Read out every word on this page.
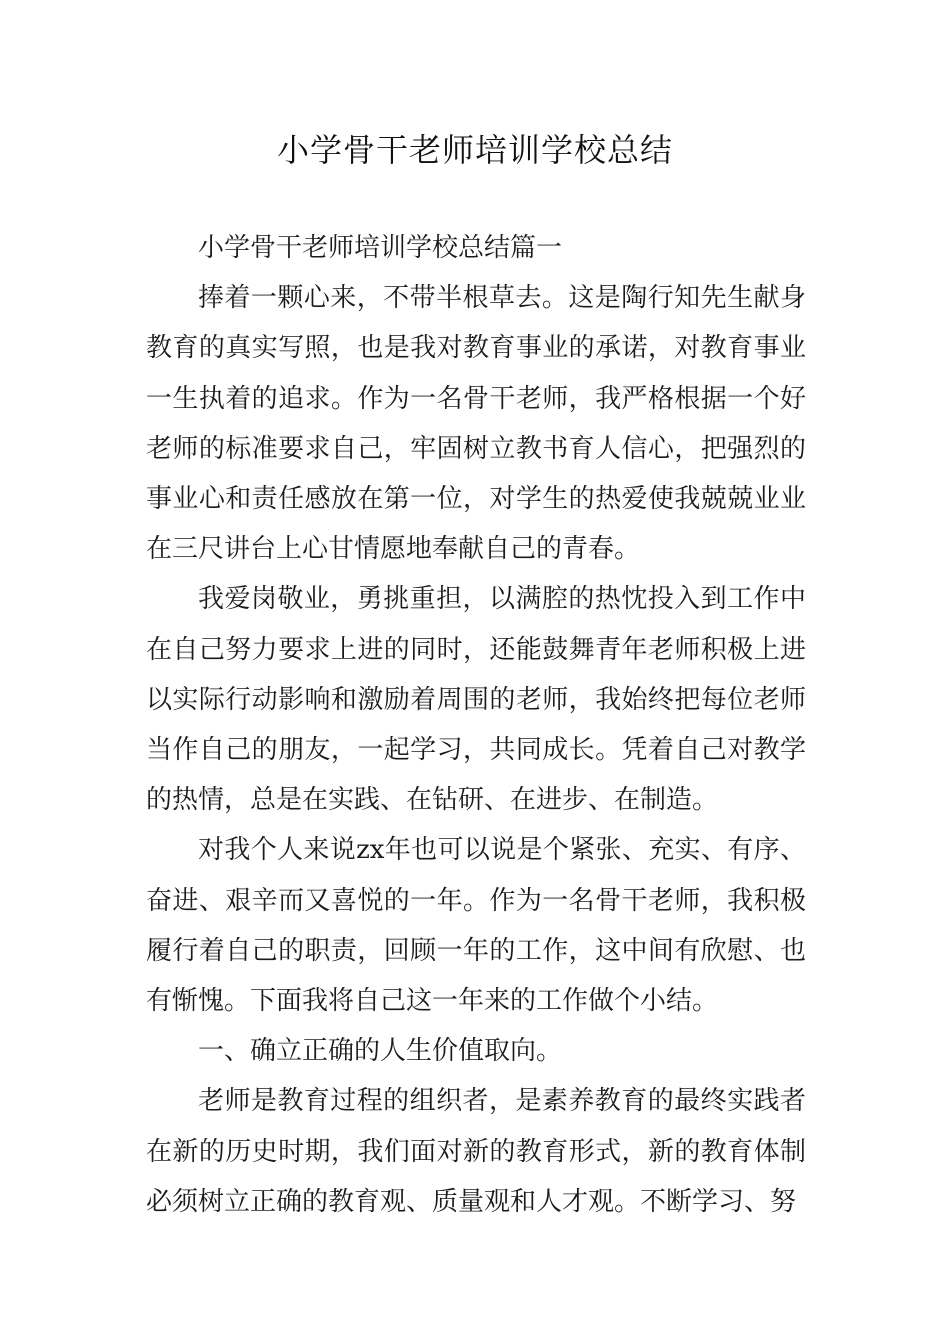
小学骨干老师培训学校总结

小学骨干老师培训学校总结篇一

捧着一颗心来，不带半根草去。这是陶行知先生献身教育的真实写照，也是我对教育事业的承诺，对教育事业一生执着的追求。作为一名骨干老师，我严格根据一个好老师的标准要求自己，牢固树立教书育人信心，把强烈的事业心和责任感放在第一位，对学生的热爱使我兢兢业业在三尺讲台上心甘情愿地奉献自己的青春。

我爱岗敬业，勇挑重担，以满腔的热忱投入到工作中在自己努力要求上进的同时，还能鼓舞青年老师积极上进以实际行动影响和激励着周围的老师，我始终把每位老师当作自己的朋友，一起学习，共同成长。凭着自己对教学的热情，总是在实践、在钻研、在进步、在制造。

对我个人来说zx年也可以说是个紧张、充实、有序、奋进、艰辛而又喜悦的一年。作为一名骨干老师，我积极履行着自己的职责，回顾一年的工作，这中间有欣慰、也有惭愧。下面我将自己这一年来的工作做个小结。

一、确立正确的人生价值取向。

老师是教育过程的组织者，是素养教育的最终实践者在新的历史时期，我们面对新的教育形式，新的教育体制必须树立正确的教育观、质量观和人才观。不断学习、努
